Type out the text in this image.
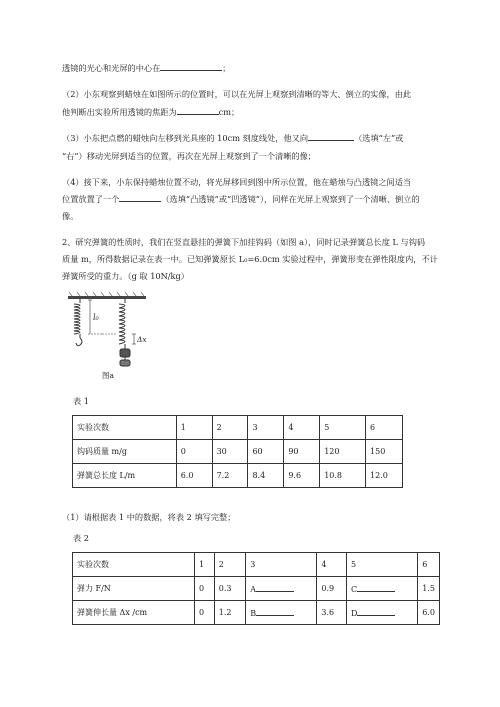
透镜的光心和光屏的中心在	；
（2）小东观察到蜡烛在如图所示的位置时，可以在光屏上观察到清晰的等大、倒立的实像，由此
他判断出实验所用透镜的焦距为	cm；
（3）小东把点燃的蜡烛向左移到光具座的 10cm 刻度线处，他又向	（选填“左”或
“右”）移动光屏到适当的位置，再次在光屏上观察到了一个清晰的像；
（4）接下来，小东保持蜡烛位置不动，将光屏移回到图中所示位置，他在蜡烛与凸透镜之间适当
位置放置了一个	（选填“凸透镜”或“凹透镜”），同样在光屏上观察到了一个清晰、倒立的
像。
2、研究弹簧的性质时，我们在竖直悬挂的弹簧下加挂钩码（如图 a），同时记录弹簧总长度 L 与钩码
质量 m，所得数据记录在表一中。已知弹簧原长 L₀=6.0cm 实验过程中，弹簧形变在弹性限度内，不计
弹簧所受的重力。（g 取 10N/kg）
l₀
Δx
图a
表 1
实验次数	1	2	3	4	5	6
钩码质量 m/g	0	30	60	90	120	150
弹簧总长度 L/m	6.0	7.2	8.4	9.6	10.8	12.0
（1）请根据表 1 中的数据，将表 2 填写完整；
表 2
实验次数	1	2	3	4	5	6
弹力 F/N	0	0.3	A	0.9	C	1.5
弹簧伸长量 Δx /cm	0	1.2	B	3.6	D	6.0
